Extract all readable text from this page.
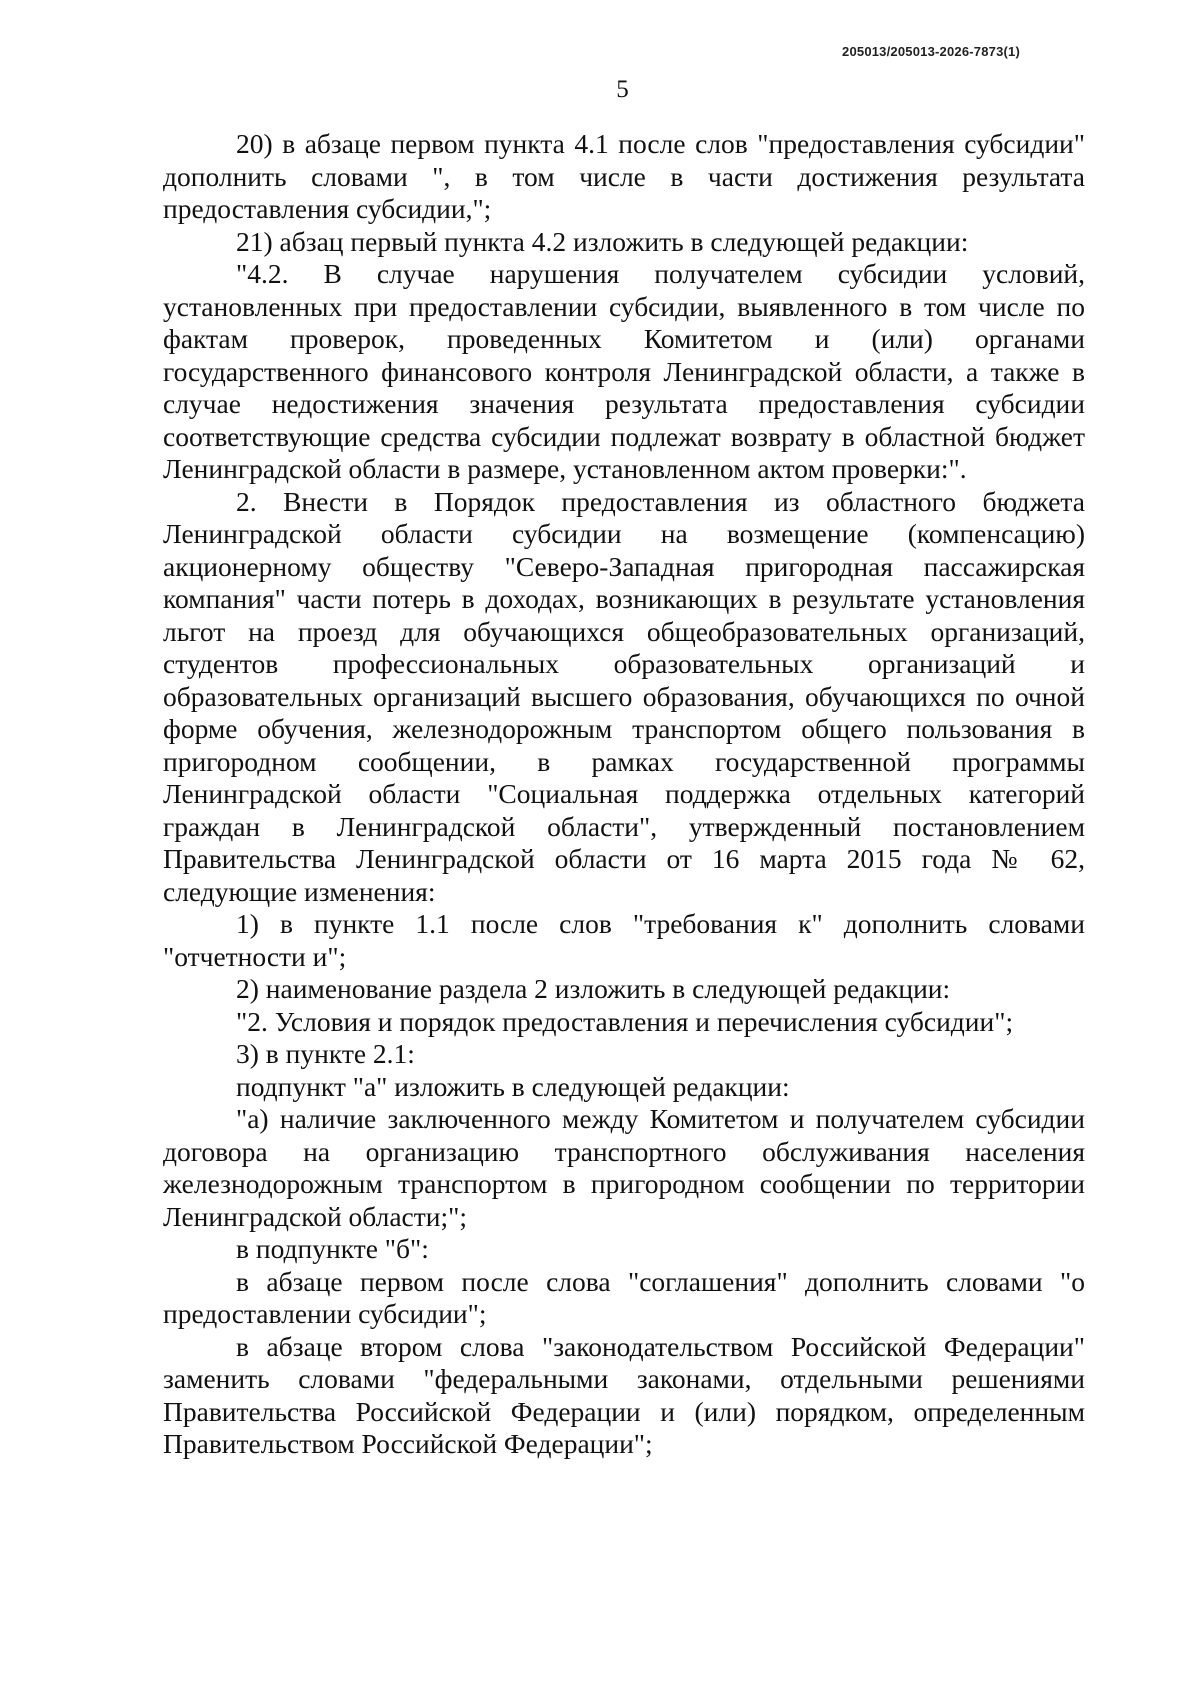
205013/205013-2026-7873(1)
5

20) в абзаце первом пункта 4.1 после слов "предоставления субсидии" дополнить словами ", в том числе в части достижения результата предоставления субсидии,";

21) абзац первый пункта 4.2 изложить в следующей редакции:

"4.2. В случае нарушения получателем субсидии условий, установленных при предоставлении субсидии, выявленного в том числе по фактам проверок, проведенных Комитетом и (или) органами государственного финансового контроля Ленинградской области, а также в случае недостижения значения результата предоставления субсидии соответствующие средства субсидии подлежат возврату в областной бюджет Ленинградской области в размере, установленном актом проверки:".

2. Внести в Порядок предоставления из областного бюджета Ленинградской области субсидии на возмещение (компенсацию) акционерному обществу "Северо-Западная пригородная пассажирская компания" части потерь в доходах, возникающих в результате установления льгот на проезд для обучающихся общеобразовательных организаций, студентов профессиональных образовательных организаций и образовательных организаций высшего образования, обучающихся по очной форме обучения, железнодорожным транспортом общего пользования в пригородном сообщении, в рамках государственной программы Ленинградской области "Социальная поддержка отдельных категорий граждан в Ленинградской области", утвержденный постановлением Правительства Ленинградской области от 16 марта 2015 года № 62, следующие изменения:

1) в пункте 1.1 после слов "требования к" дополнить словами "отчетности и";

2) наименование раздела 2 изложить в следующей редакции:

"2. Условия и порядок предоставления и перечисления субсидии";

3) в пункте 2.1:

подпункт "а" изложить в следующей редакции:

"а) наличие заключенного между Комитетом и получателем субсидии договора на организацию транспортного обслуживания населения железнодорожным транспортом в пригородном сообщении по территории Ленинградской области;";

в подпункте "б":

в абзаце первом после слова "соглашения" дополнить словами "о предоставлении субсидии";

в абзаце втором слова "законодательством Российской Федерации" заменить словами "федеральными законами, отдельными решениями Правительства Российской Федерации и (или) порядком, определенным Правительством Российской Федерации";
